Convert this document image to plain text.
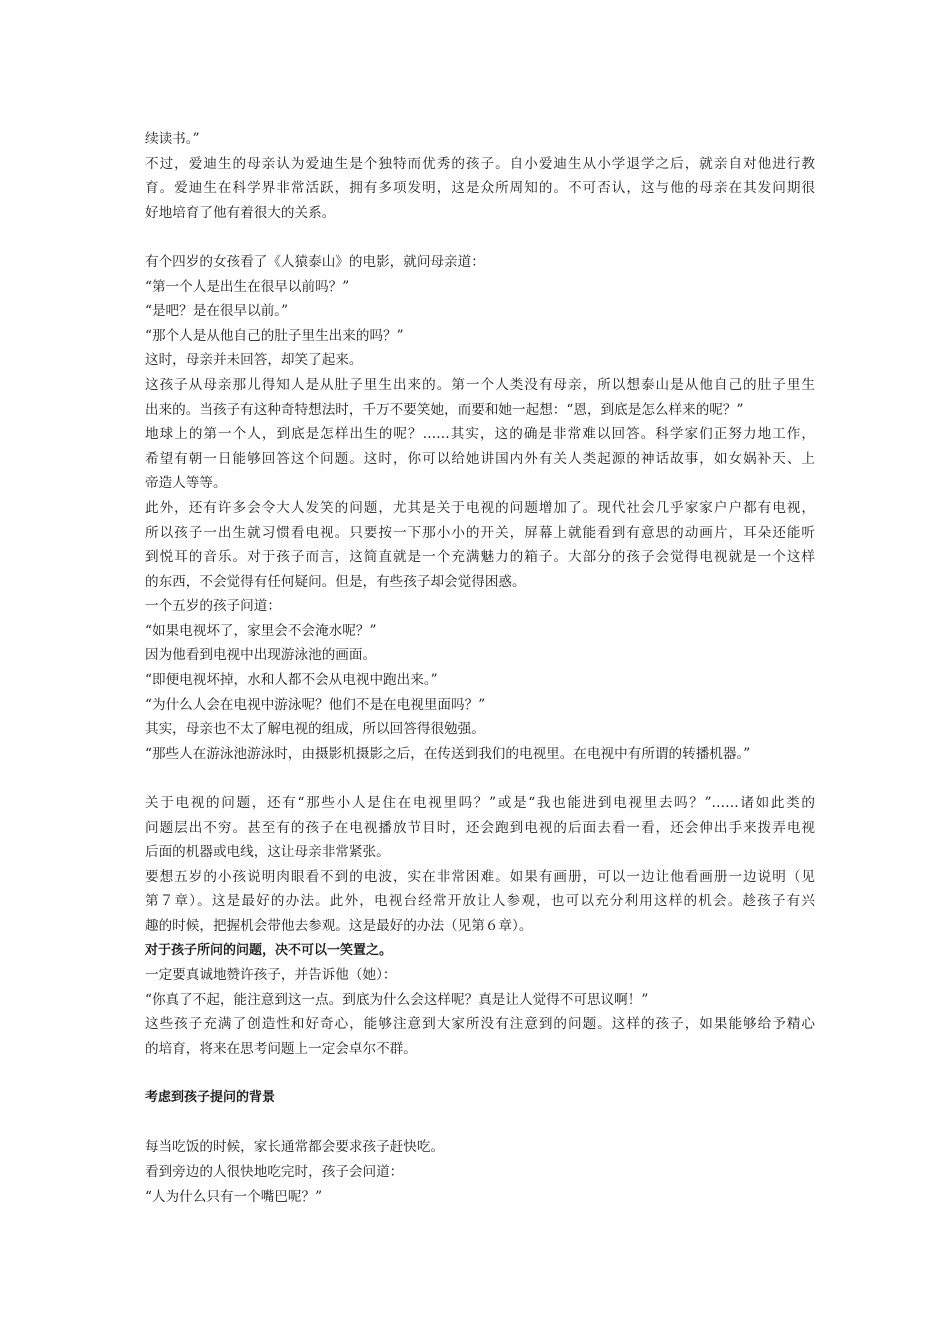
续读书。”
不过，爱迪生的母亲认为爱迪生是个独特而优秀的孩子。自小爱迪生从小学退学之后，就亲自对他进行教
育。爱迪生在科学界非常活跃，拥有多项发明，这是众所周知的。不可否认，这与他的母亲在其发问期很
好地培育了他有着很大的关系。
有个四岁的女孩看了《人猿泰山》的电影，就问母亲道：
“第一个人是出生在很早以前吗？”
“是吧？是在很早以前。”
“那个人是从他自己的肚子里生出来的吗？”
这时，母亲并未回答，却笑了起来。
这孩子从母亲那儿得知人是从肚子里生出来的。第一个人类没有母亲，所以想泰山是从他自己的肚子里生
出来的。当孩子有这种奇特想法时，千万不要笑她，而要和她一起想：“恩，到底是怎么样来的呢？”
地球上的第一个人，到底是怎样出生的呢？……其实，这的确是非常难以回答。科学家们正努力地工作，
希望有朝一日能够回答这个问题。这时，你可以给她讲国内外有关人类起源的神话故事，如女娲补天、上
帝造人等等。
此外，还有许多会令大人发笑的问题，尤其是关于电视的问题增加了。现代社会几乎家家户户都有电视，
所以孩子一出生就习惯看电视。只要按一下那小小的开关，屏幕上就能看到有意思的动画片，耳朵还能听
到悦耳的音乐。对于孩子而言，这简直就是一个充满魅力的箱子。大部分的孩子会觉得电视就是一个这样
的东西，不会觉得有任何疑问。但是，有些孩子却会觉得困惑。
一个五岁的孩子问道：
“如果电视坏了，家里会不会淹水呢？”
因为他看到电视中出现游泳池的画面。
“即便电视坏掉，水和人都不会从电视中跑出来。”
“为什么人会在电视中游泳呢？他们不是在电视里面吗？”
其实，母亲也不太了解电视的组成，所以回答得很勉强。
“那些人在游泳池游泳时，由摄影机摄影之后，在传送到我们的电视里。在电视中有所谓的转播机器。”
关于电视的问题，还有“那些小人是住在电视里吗？”或是“我也能进到电视里去吗？”……诸如此类的
问题层出不穷。甚至有的孩子在电视播放节目时，还会跑到电视的后面去看一看，还会伸出手来拨弄电视
后面的机器或电线，这让母亲非常紧张。
要想五岁的小孩说明肉眼看不到的电波，实在非常困难。如果有画册，可以一边让他看画册一边说明（见
第７章）。这是最好的办法。此外，电视台经常开放让人参观，也可以充分利用这样的机会。趁孩子有兴
趣的时候，把握机会带他去参观。这是最好的办法（见第６章）。
对于孩子所问的问题，决不可以一笑置之。
一定要真诚地赞许孩子，并告诉他（她）：
“你真了不起，能注意到这一点。到底为什么会这样呢？真是让人觉得不可思议啊！”
这些孩子充满了创造性和好奇心，能够注意到大家所没有注意到的问题。这样的孩子，如果能够给予精心
的培育，将来在思考问题上一定会卓尔不群。
考虑到孩子提问的背景
每当吃饭的时候，家长通常都会要求孩子赶快吃。
看到旁边的人很快地吃完时，孩子会问道：
“人为什么只有一个嘴巴呢？”
